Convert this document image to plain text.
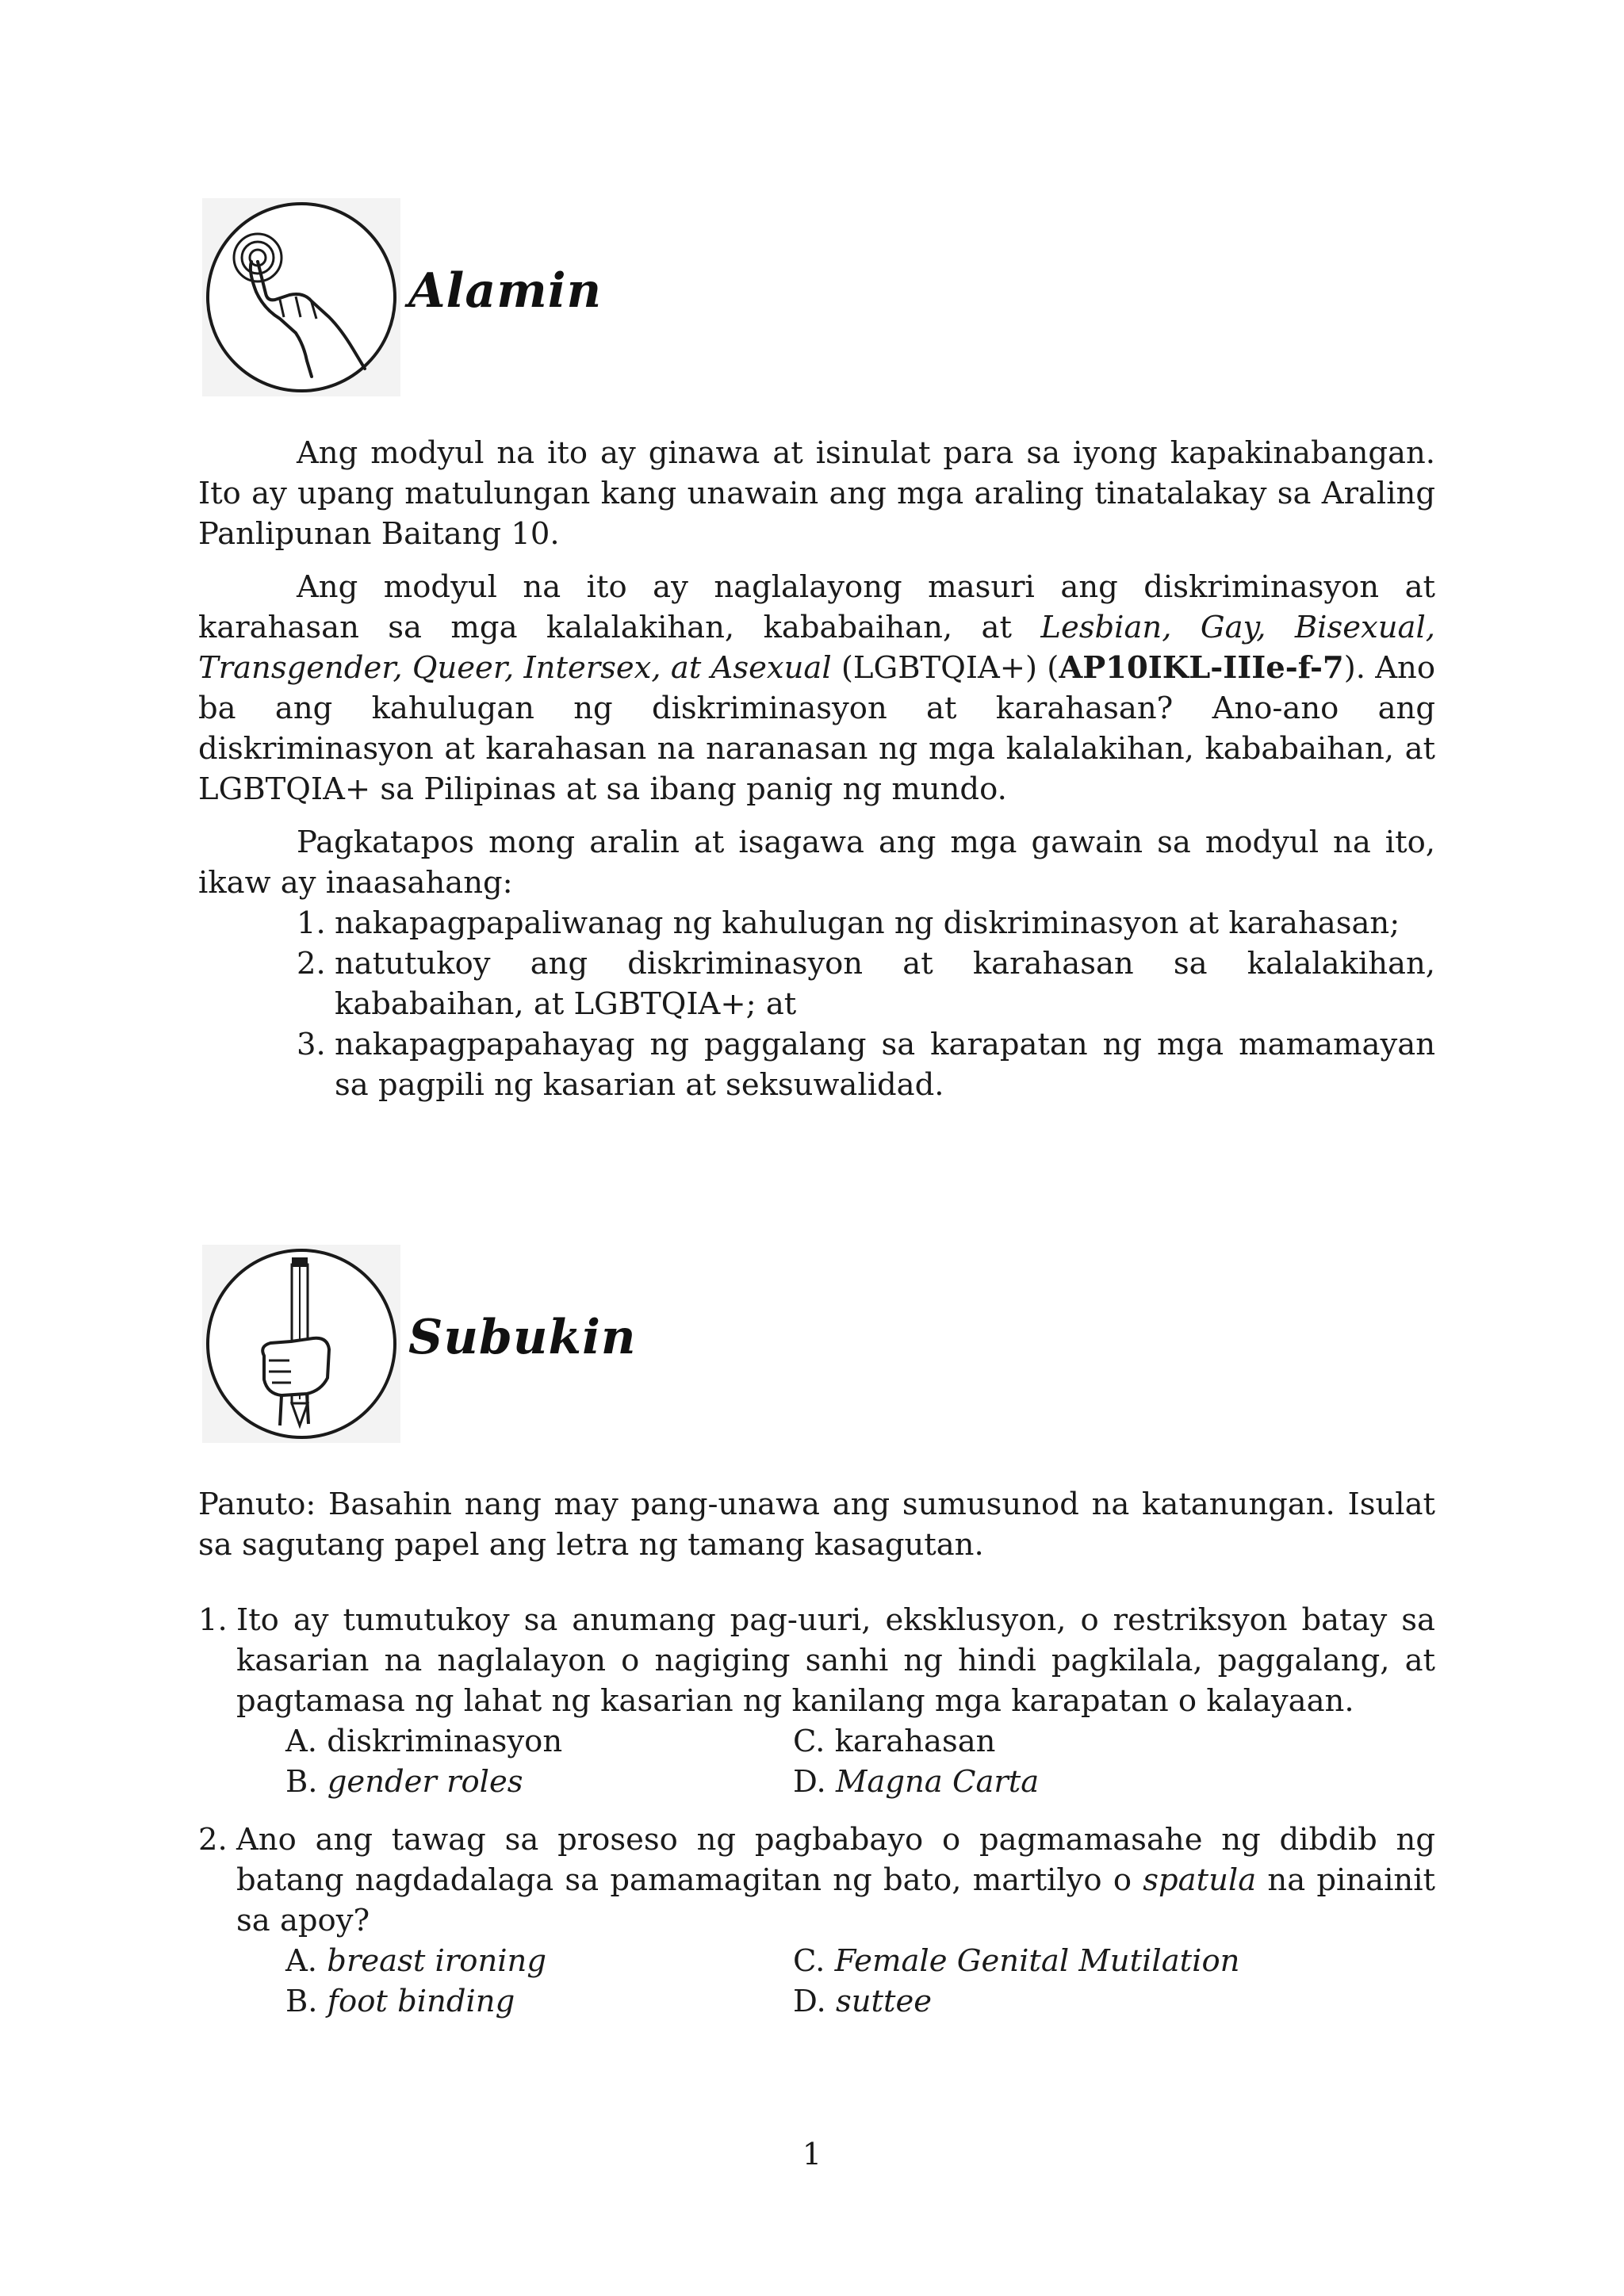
Alamin

Ang modyul na ito ay ginawa at isinulat para sa iyong kapakinabangan. Ito ay upang matulungan kang unawain ang mga araling tinatalakay sa Araling Panlipunan Baitang 10.

Ang modyul na ito ay naglalayong masuri ang diskriminasyon at karahasan sa mga kalalakihan, kababaihan, at Lesbian, Gay, Bisexual, Transgender, Queer, Intersex, at Asexual (LGBTQIA+) (AP10IKL-IIIe-f-7). Ano ba ang kahulugan ng diskriminasyon at karahasan? Ano-ano ang diskriminasyon at karahasan na naranasan ng mga kalalakihan, kababaihan, at LGBTQIA+ sa Pilipinas at sa ibang panig ng mundo.

Pagkatapos mong aralin at isagawa ang mga gawain sa modyul na ito, ikaw ay inaasahang:

1. nakapagpapaliwanag ng kahulugan ng diskriminasyon at karahasan;
2. natutukoy ang diskriminasyon at karahasan sa kalalakihan, kababaihan, at LGBTQIA+; at
3. nakapagpapahayag ng paggalang sa karapatan ng mga mamamayan sa pagpili ng kasarian at seksuwalidad.
Subukin

Panuto: Basahin nang may pang-unawa ang sumusunod na katanungan. Isulat sa sagutang papel ang letra ng tamang kasagutan.

1. Ito ay tumutukoy sa anumang pag-uuri, eksklusyon, o restriksyon batay sa kasarian na naglalayon o nagiging sanhi ng hindi pagkilala, paggalang, at pagtamasa ng lahat ng kasarian ng kanilang mga karapatan o kalayaan.
A. diskriminasyon	C. karahasan
B. gender roles	D. Magna Carta
2. Ano ang tawag sa proseso ng pagbabayo o pagmamasahe ng dibdib ng batang nagdadalaga sa pamamagitan ng bato, martilyo o spatula na pinainit sa apoy?
A. breast ironing	C. Female Genital Mutilation
B. foot binding	D. suttee
1
